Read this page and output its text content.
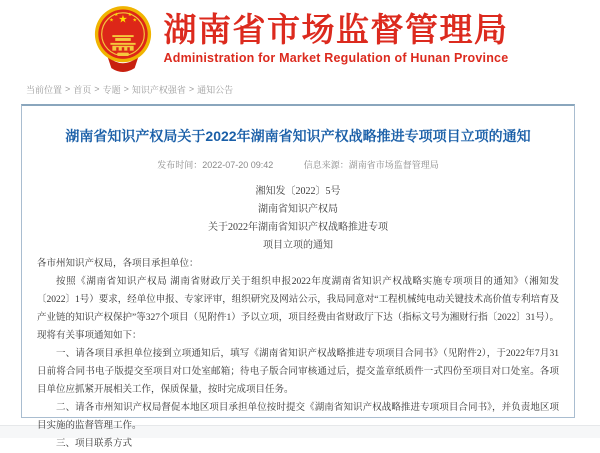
★
★
★ ★
★ 湖南省市场监督管理局
Administration for Market Regulation of Hunan Province
当前位置 > 首页 > 专题 > 知识产权强省 > 通知公告
湖南省知识产权局关于2022年湖南省知识产权战略推进专项项目立项的通知
发布时间：2022-07-20 09:42	信息来源：湖南省市场监督管理局
湘知发〔2022〕5号
湖南省知识产权局
关于2022年湖南省知识产权战略推进专项
项目立项的通知

各市州知识产权局，各项目承担单位：

按照《湖南省知识产权局 湖南省财政厅关于组织申报2022年度湖南省知识产权战略实施专项项目的通知》（湘知发〔2022〕1号）要求，经单位申报、专家评审，组织研究及网站公示，我局同意对“工程机械纯电动关键技术高价值专利培育及产业链的知识产权保护”等327个项目（见附件1）予以立项，项目经费由省财政厅下达（指标文号为湘财行指〔2022〕31号）。现将有关事项通知如下：

一、请各项目承担单位接到立项通知后，填写《湖南省知识产权战略推进专项项目合同书》（见附件2），于2022年7月31日前将合同书电子版提交至项目对口处室邮箱；待电子版合同审核通过后，提交盖章纸质件一式四份至项目对口处室。各项目单位应抓紧开展相关工作，保质保量，按时完成项目任务。

二、请各市州知识产权局督促本地区项目承担单位按时提交《湖南省知识产权战略推进专项项目合同书》，并负责地区项目实施的监督管理工作。

三、项目联系方式
